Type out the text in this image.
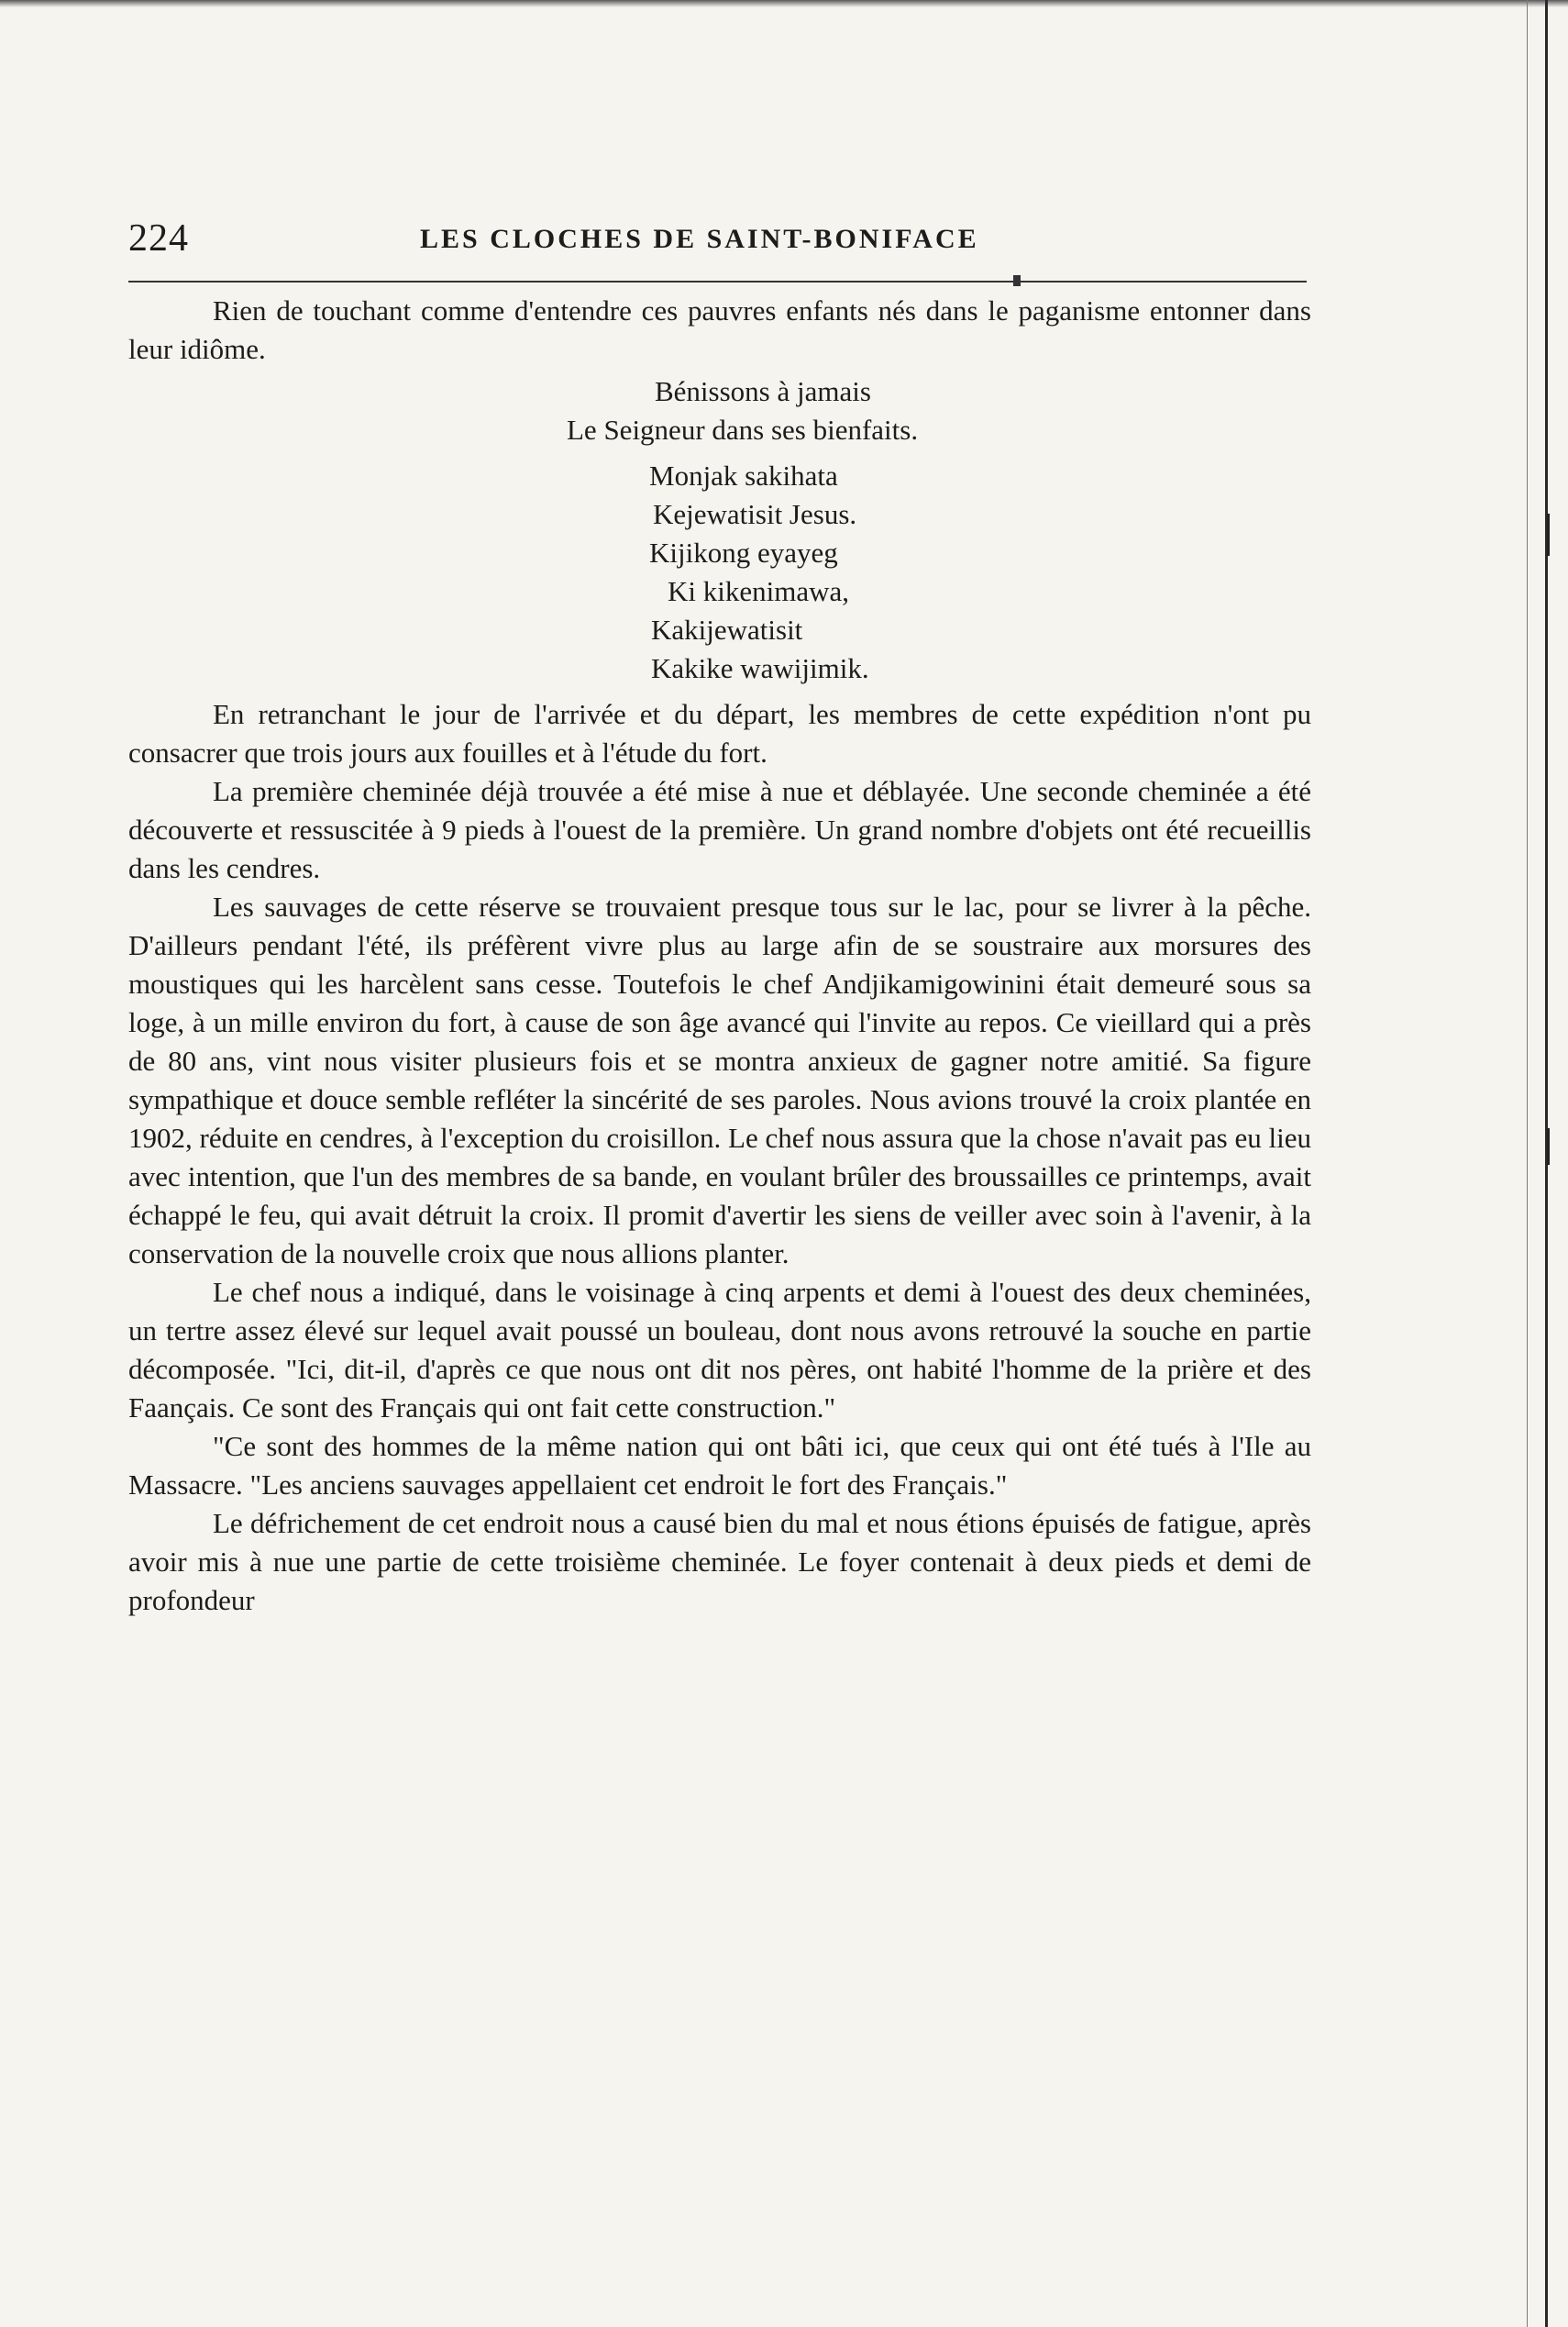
224	LES CLOCHES DE SAINT-BONIFACE

Rien de touchant comme d'entendre ces pauvres enfants nés dans le paganisme entonner dans leur idiôme.

Bénissons à jamais
Le Seigneur dans ses bienfaits.
Monjak sakihata
Kejewatisit Jesus.
Kijikong eyayeg
Ki kikenimawa,
Kakijewatisit
Kakike wawijimik.

En retranchant le jour de l'arrivée et du départ, les membres de cette expédition n'ont pu consacrer que trois jours aux fouilles et à l'étude du fort.

La première cheminée déjà trouvée a été mise à nue et déblayée. Une seconde cheminée a été découverte et ressuscitée à 9 pieds à l'ouest de la première. Un grand nombre d'objets ont été recueillis dans les cendres.

Les sauvages de cette réserve se trouvaient presque tous sur le lac, pour se livrer à la pêche. D'ailleurs pendant l'été, ils préfèrent vivre plus au large afin de se soustraire aux morsures des moustiques qui les harcèlent sans cesse. Toutefois le chef Andjikamigowinini était demeuré sous sa loge, à un mille environ du fort, à cause de son âge avancé qui l'invite au repos. Ce vieillard qui a près de 80 ans, vint nous visiter plusieurs fois et se montra anxieux de gagner notre amitié. Sa figure sympathique et douce semble refléter la sincérité de ses paroles. Nous avions trouvé la croix plantée en 1902, réduite en cendres, à l'exception du croisillon. Le chef nous assura que la chose n'avait pas eu lieu avec intention, que l'un des membres de sa bande, en voulant brûler des broussailles ce printemps, avait échappé le feu, qui avait détruit la croix. Il promit d'avertir les siens de veiller avec soin à l'avenir, à la conservation de la nouvelle croix que nous allions planter.

Le chef nous a indiqué, dans le voisinage à cinq arpents et demi à l'ouest des deux cheminées, un tertre assez élevé sur lequel avait poussé un bouleau, dont nous avons retrouvé la souche en partie décomposée. "Ici, dit-il, d'après ce que nous ont dit nos pères, ont habité l'homme de la prière et des Faançais. Ce sont des Français qui ont fait cette construction."

"Ce sont des hommes de la même nation qui ont bâti ici, que ceux qui ont été tués à l'Ile au Massacre. "Les anciens sauvages appellaient cet endroit le fort des Français."

Le défrichement de cet endroit nous a causé bien du mal et nous étions épuisés de fatigue, après avoir mis à nue une partie de cette troisième cheminée. Le foyer contenait à deux pieds et demi de profondeur
